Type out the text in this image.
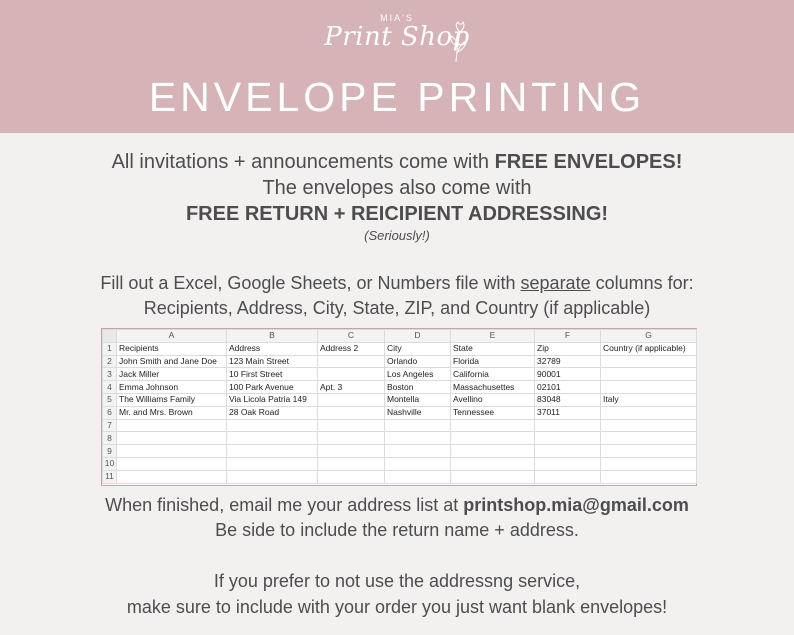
MIA'S
Print Shop
ENVELOPE PRINTING
All invitations + announcements come with FREE ENVELOPES!
The envelopes also come with
FREE RETURN + REICIPIENT ADDRESSING!
(Seriously!)
Fill out a Excel, Google Sheets, or Numbers file with separate columns for:
Recipients, Address, City, State, ZIP, and Country (if applicable)
	A	B	C	D	E	F	G
1	Recipients	Address	Address 2	City	State	Zip	Country (if applicable)
2	John Smith and Jane Doe	123 Main Street		Orlando	Florida	32789	
3	Jack Miller	10 First Street		Los Angeles	California	90001	
4	Emma Johnson	100 Park Avenue	Apt. 3	Boston	Massachusettes	02101	
5	The Williams Family	Via Licola Patria 149		Montella	Avellino	83048	Italy
6	Mr. and Mrs. Brown	28 Oak Road		Nashville	Tennessee	37011	
7							
8							
9							
10							
11							
When finished, email me your address list at printshop.mia@gmail.com
Be side to include the return name + address.
If you prefer to not use the addressng service,
make sure to include with your order you just want blank envelopes!
